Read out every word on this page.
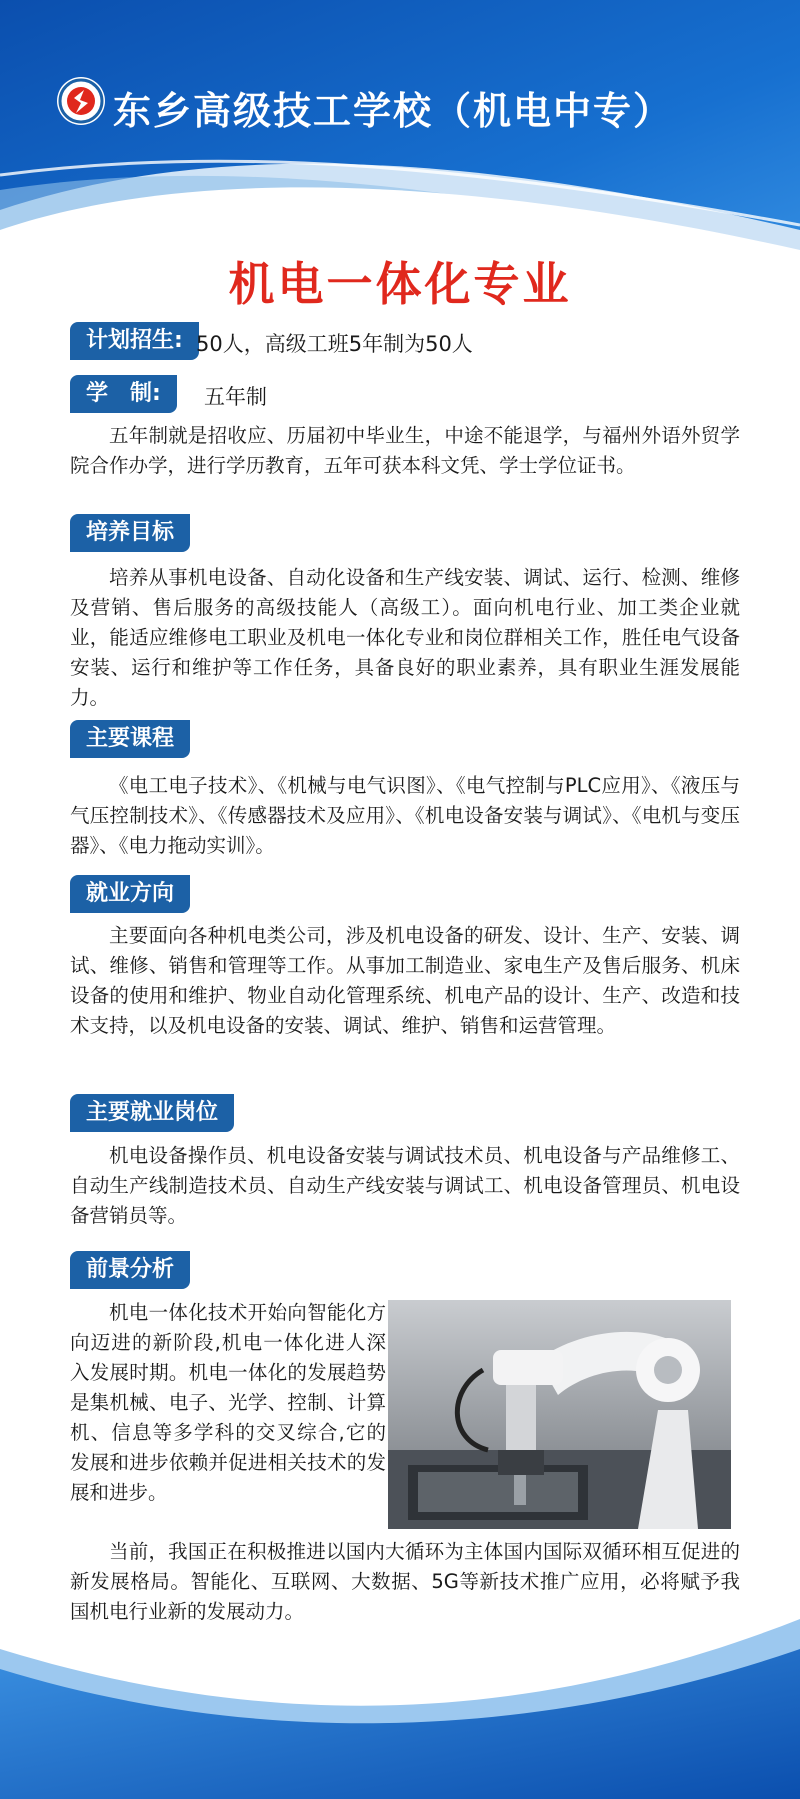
东乡高级技工学校（机电中专）
机电一体化专业
计划招生: 50人，高级工班5年制为50人
学　制:	五年制

五年制就是招收应、历届初中毕业生，中途不能退学，与福州外语外贸学院合作办学，进行学历教育，五年可获本科文凭、学士学位证书。

培养目标

培养从事机电设备、自动化设备和生产线安装、调试、运行、检测、维修及营销、售后服务的高级技能人（高级工）。面向机电行业、加工类企业就业，能适应维修电工职业及机电一体化专业和岗位群相关工作，胜任电气设备安装、运行和维护等工作任务，具备良好的职业素养，具有职业生涯发展能力。

主要课程

《电工电子技术》、《机械与电气识图》、《电气控制与PLC应用》、《液压与气压控制技术》、《传感器技术及应用》、《机电设备安装与调试》、《电机与变压器》、《电力拖动实训》。

就业方向

主要面向各种机电类公司，涉及机电设备的研发、设计、生产、安装、调试、维修、销售和管理等工作。从事加工制造业、家电生产及售后服务、机床设备的使用和维护、物业自动化管理系统、机电产品的设计、生产、改造和技术支持，以及机电设备的安装、调试、维护、销售和运营管理。

主要就业岗位

机电设备操作员、机电设备安装与调试技术员、机电设备与产品维修工、自动生产线制造技术员、自动生产线安装与调试工、机电设备管理员、机电设备营销员等。

前景分析

机电一体化技术开始向智能化方向迈进的新阶段,机电一体化进人深入发展时期。机电一体化的发展趋势是集机械、电子、光学、控制、计算机、信息等多学科的交叉综合,它的发展和进步依赖并促进相关技术的发展和进步。

当前，我国正在积极推进以国内大循环为主体国内国际双循环相互促进的新发展格局。智能化、互联网、大数据、5G等新技术推广应用，必将赋予我国机电行业新的发展动力。
